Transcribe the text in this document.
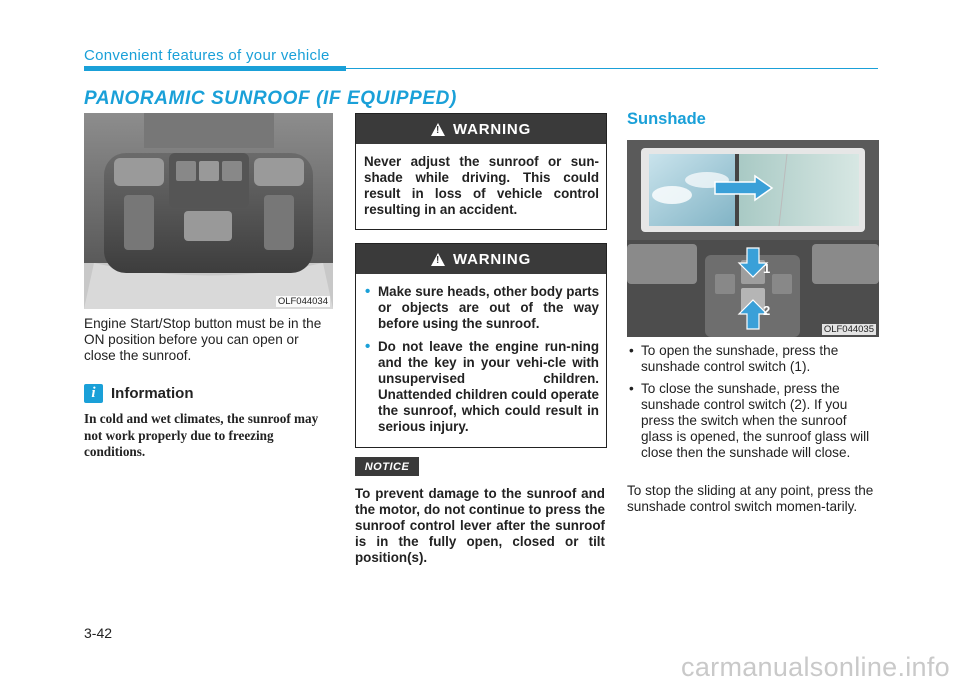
Convenient features of your vehicle
PANORAMIC SUNROOF (IF EQUIPPED)
OLF044034
Engine Start/Stop button must be in the ON position before you can open or close the sunroof.
i	Information
In cold and wet climates, the sunroof may not work properly due to freezing conditions.
!
WARNING
Never adjust the sunroof or sun-shade while driving. This could result in loss of vehicle control resulting in an accident.
!
WARNING
• Make sure heads, other body parts or objects are out of the way before using the sunroof.
• Do not leave the engine run-ning and the key in your vehi-cle with unsupervised children. Unattended children could operate the sunroof, which could result in serious injury.
NOTICE
To prevent damage to the sunroof and the motor, do not continue to press the sunroof control lever after the sunroof is in the fully open, closed or tilt position(s).
Sunshade
1
2
OLF044035
• To open the sunshade, press the sunshade control switch (1).
• To close the sunshade, press the sunshade control switch (2). If you press the switch when the sunroof glass is opened, the sunroof glass will close then the sunshade will close.
To stop the sliding at any point, press the sunshade control switch momen-tarily.
3-42
carmanualsonline.info
